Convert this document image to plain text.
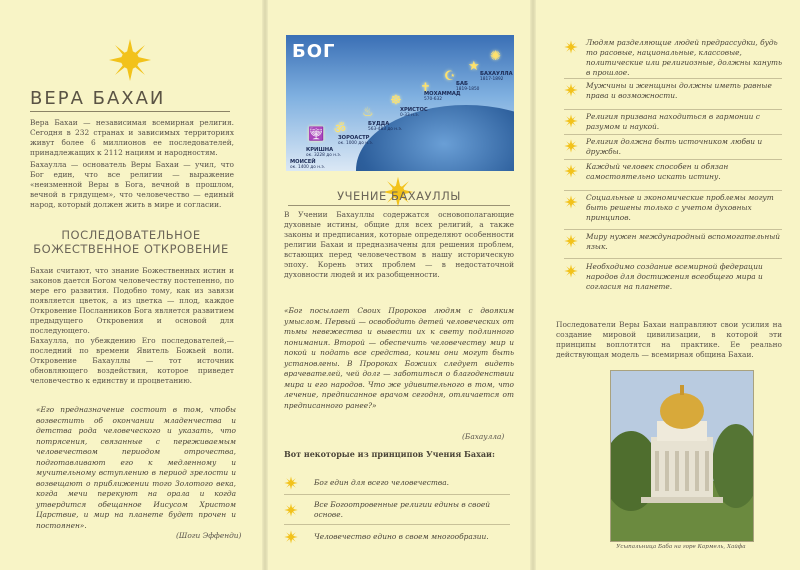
ВЕРА БАХАИ
Вера Бахаи — независимая всемирная религия. Сегодня в 232 странах и зависимых территориях живут более 6 миллионов ее последователей, принадлежащих к 2112 нациям и народностям.
Бахаулла — основатель Веры Бахаи — учил, что Бог един, что все религии — выражение «неизменной Веры в Бога, вечной в прошлом, вечной в грядущем», что человечество — единый народ, который должен жить в мире и согласии.
ПОСЛЕДОВАТЕЛЬНОЕ БОЖЕСТВЕННОЕ ОТКРОВЕНИЕ
Бахаи считают, что знание Божественных истин и законов дается Богом человечеству постепенно, по мере его развития. Подобно тому, как из завязи появляется цветок, а из цветка — плод, каждое Откровение Посланников Бога является развитием предыдущего Откровения и основой для последующего.
Бахаулла, по убеждению Его последователей,— последний по времени Явитель Божьей воли. Откровение Бахауллы — тот источник обновляющего воздействия, которое приведет человечество к единству и процветанию.
«Его предназначение состоит в том, чтобы возвестить об окончании младенчества и детства рода человеческого и указать, что потрясения, связанные с переживаемым человечеством периодом отрочества, подготавливают его к медленному и мучительному вступлению в период зрелости и возвещают о приближении того Золотого века, когда мечи перекуют на орала и когда утвердится обещанное Иисусом Христом Царствие, и мир на планете будет прочен и постоянен».
(Шоги Эффенди)
БОГ
🕎 ॐ
♨
☸
✝
☪
★
✺
КРИШНА
ок. 3228 до н.э.
МОИСЕЙ
ок. 1400 до н.э.
ЗОРОАСТР
ок. 1000 до н.э.
БУДДА
563-483 до н.э.
ХРИСТОС
0-33 н.э.
МОХАММАД
570-632
БАБ
1819-1850
БАХАУЛЛА
1817-1892
УЧЕНИЕ БАХАУЛЛЫ
В Учении Бахауллы содержатся основополагающие духовные истины, общие для всех религий, а также законы и предписания, которые определяют особенности религии Бахаи и предназначены для решения проблем, встающих перед человечеством в нашу историческую эпоху. Корень этих проблем — в недостаточной духовности людей и их разобщенности.
«Бог посылает Своих Пророков людям с двояким умыслом. Первый — освободить детей человеческих от тьмы невежества и вывести их к свету подлинного понимания. Второй — обеспечить человечеству мир и покой и подать все средства, коими они могут быть установлены. В Пророках Божиих следует видеть врачевателей, чей долг — заботиться о благоденствии мира и его народов. Что же удивительного в том, что лечение, предписанное врачом сегодня, отличается от предписанного ранее?»
(Бахаулла)
Вот некоторые из принципов Учения Бахаи:
Бог един для всего человечества.
Все Богоотровенные религии едины в своей основе.
Человечество едино в своем многообразии.
Людям разделяющие людей предрассудки, будь то расовые, национальные, классовые, политические или религиозные, должны кануть в прошлое.
Мужчины и женщины должны иметь равные права и возможности.
Религия призвана находиться в гармонии с разумом и наукой.
Религия должна быть источником любви и дружбы.
Каждый человек способен и обязан самостоятельно искать истину.
Социальные и экономические проблемы могут быть решены только с учетом духовных принципов.
Миру нужен международный вспомогательный язык.
Необходимо создание всемирной федерации народов для достижения всеобщего мира и согласия на планете.
Последователи Веры Бахаи направляют свои усилия на создание мировой цивилизации, в которой эти принципы воплотятся на практике. Ее реально действующая модель — всемирная община Бахаи.
Усыпальница Баба на горе Кармель, Хайфа
